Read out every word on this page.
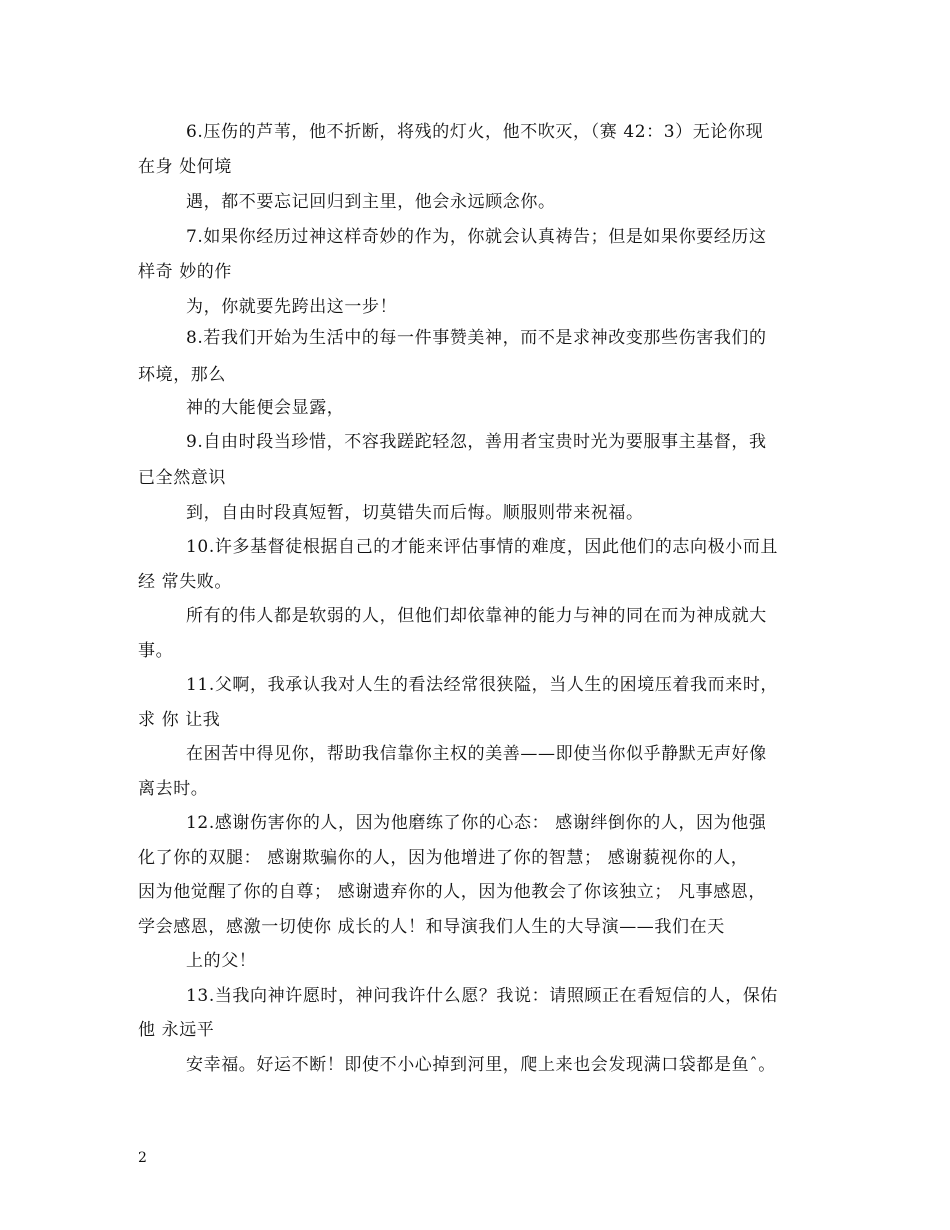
6.压伤的芦苇，他不折断，将残的灯火，他不吹灭，（赛 42：3）无论你现
在身 处何境
遇，都不要忘记回归到主里，他会永远顾念你。
7.如果你经历过神这样奇妙的作为，你就会认真祷告；但是如果你要经历这
样奇 妙的作
为，你就要先跨出这一步！
8.若我们开始为生活中的每一件事赞美神，而不是求神改变那些伤害我们的
环境，那么
神的大能便会显露，
9.自由时段当珍惜，不容我蹉跎轻忽，善用者宝贵时光为要服事主基督，我
已全然意识
到，自由时段真短暂，切莫错失而后悔。顺服则带来祝福。
10.许多基督徒根据自己的才能来评估事情的难度，因此他们的志向极小而且
经 常失败。
所有的伟人都是软弱的人，但他们却依靠神的能力与神的同在而为神成就大
事。
11.父啊，我承认我对人生的看法经常很狭隘，当人生的困境压着我而来时，
求 你 让我
在困苦中得见你，帮助我信靠你主权的美善——即使当你似乎静默无声好像
离去时。
12.感谢伤害你的人，因为他磨练了你的心态： 感谢绊倒你的人，因为他强
化了你的双腿： 感谢欺骗你的人，因为他增进了你的智慧； 感谢藐视你的人，
因为他觉醒了你的自尊； 感谢遗弃你的人，因为他教会了你该独立； 凡事感恩，
学会感恩，感激一切使你 成长的人！和导演我们人生的大导演——我们在天
上的父！
13.当我向神许愿时，神问我许什么愿？我说：请照顾正在看短信的人，保佑
他 永远平
安幸福。好运不断！即使不小心掉到河里，爬上来也会发现满口袋都是鱼ˆ。
2
